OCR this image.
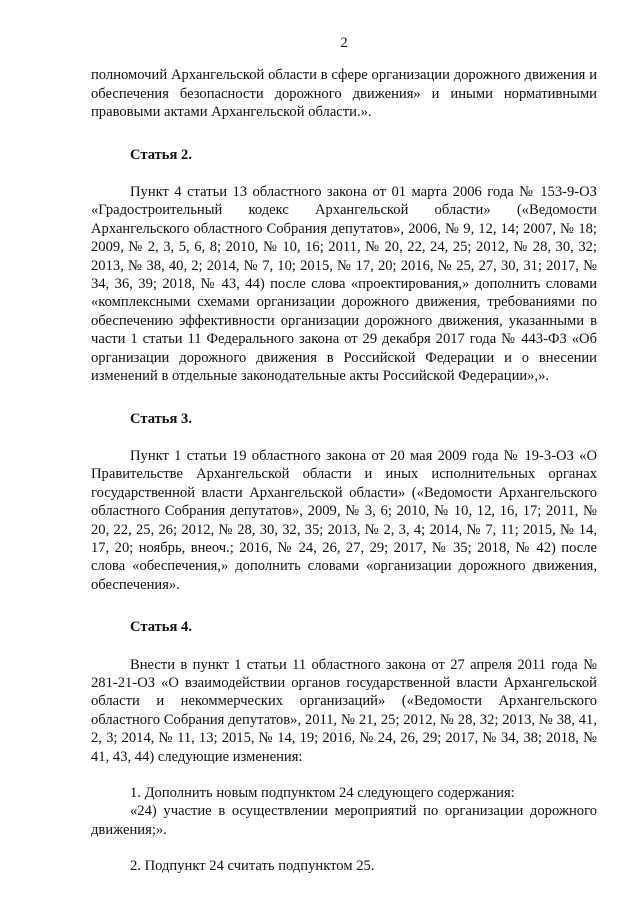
2

полномочий Архангельской области в сфере организации дорожного движения и обеспечения безопасности дорожного движения» и иными нормативными правовыми актами Архангельской области.».

Статья 2.

Пункт 4 статьи 13 областного закона от 01 марта 2006 года № 153-9-ОЗ «Градостроительный кодекс Архангельской области» («Ведомости Архангельского областного Собрания депутатов», 2006, № 9, 12, 14; 2007, № 18; 2009, № 2, 3, 5, 6, 8; 2010, № 10, 16; 2011, № 20, 22, 24, 25; 2012, № 28, 30, 32; 2013, № 38, 40, 2; 2014, № 7, 10; 2015, № 17, 20; 2016, № 25, 27, 30, 31; 2017, № 34, 36, 39; 2018, № 43, 44) после слова «проектирования,» дополнить словами «комплексными схемами организации дорожного движения, требованиями по обеспечению эффективности организации дорожного движения, указанными в части 1 статьи 11 Федерального закона от 29 декабря 2017 года № 443-ФЗ «Об организации дорожного движения в Российской Федерации и о внесении изменений в отдельные законодательные акты Российской Федерации»,».

Статья 3.

Пункт 1 статьи 19 областного закона от 20 мая 2009 года № 19-3-ОЗ «О Правительстве Архангельской области и иных исполнительных органах государственной власти Архангельской области» («Ведомости Архангельского областного Собрания депутатов», 2009, № 3, 6; 2010, № 10, 12, 16, 17; 2011, № 20, 22, 25, 26; 2012, № 28, 30, 32, 35; 2013, № 2, 3, 4; 2014, № 7, 11; 2015, № 14, 17, 20; ноябрь, внеоч.; 2016, № 24, 26, 27, 29; 2017, № 35; 2018, № 42) после слова «обеспечения,» дополнить словами «организации дорожного движения, обеспечения».

Статья 4.

Внести в пункт 1 статьи 11 областного закона от 27 апреля 2011 года № 281-21-ОЗ «О взаимодействии органов государственной власти Архангельской области и некоммерческих организаций» («Ведомости Архангельского областного Собрания депутатов», 2011, № 21, 25; 2012, № 28, 32; 2013, № 38, 41, 2, 3; 2014, № 11, 13; 2015, № 14, 19; 2016, № 24, 26, 29; 2017, № 34, 38; 2018, № 41, 43, 44) следующие изменения:

1. Дополнить новым подпунктом 24 следующего содержания:

«24) участие в осуществлении мероприятий по организации дорожного движения;».

2. Подпункт 24 считать подпунктом 25.
